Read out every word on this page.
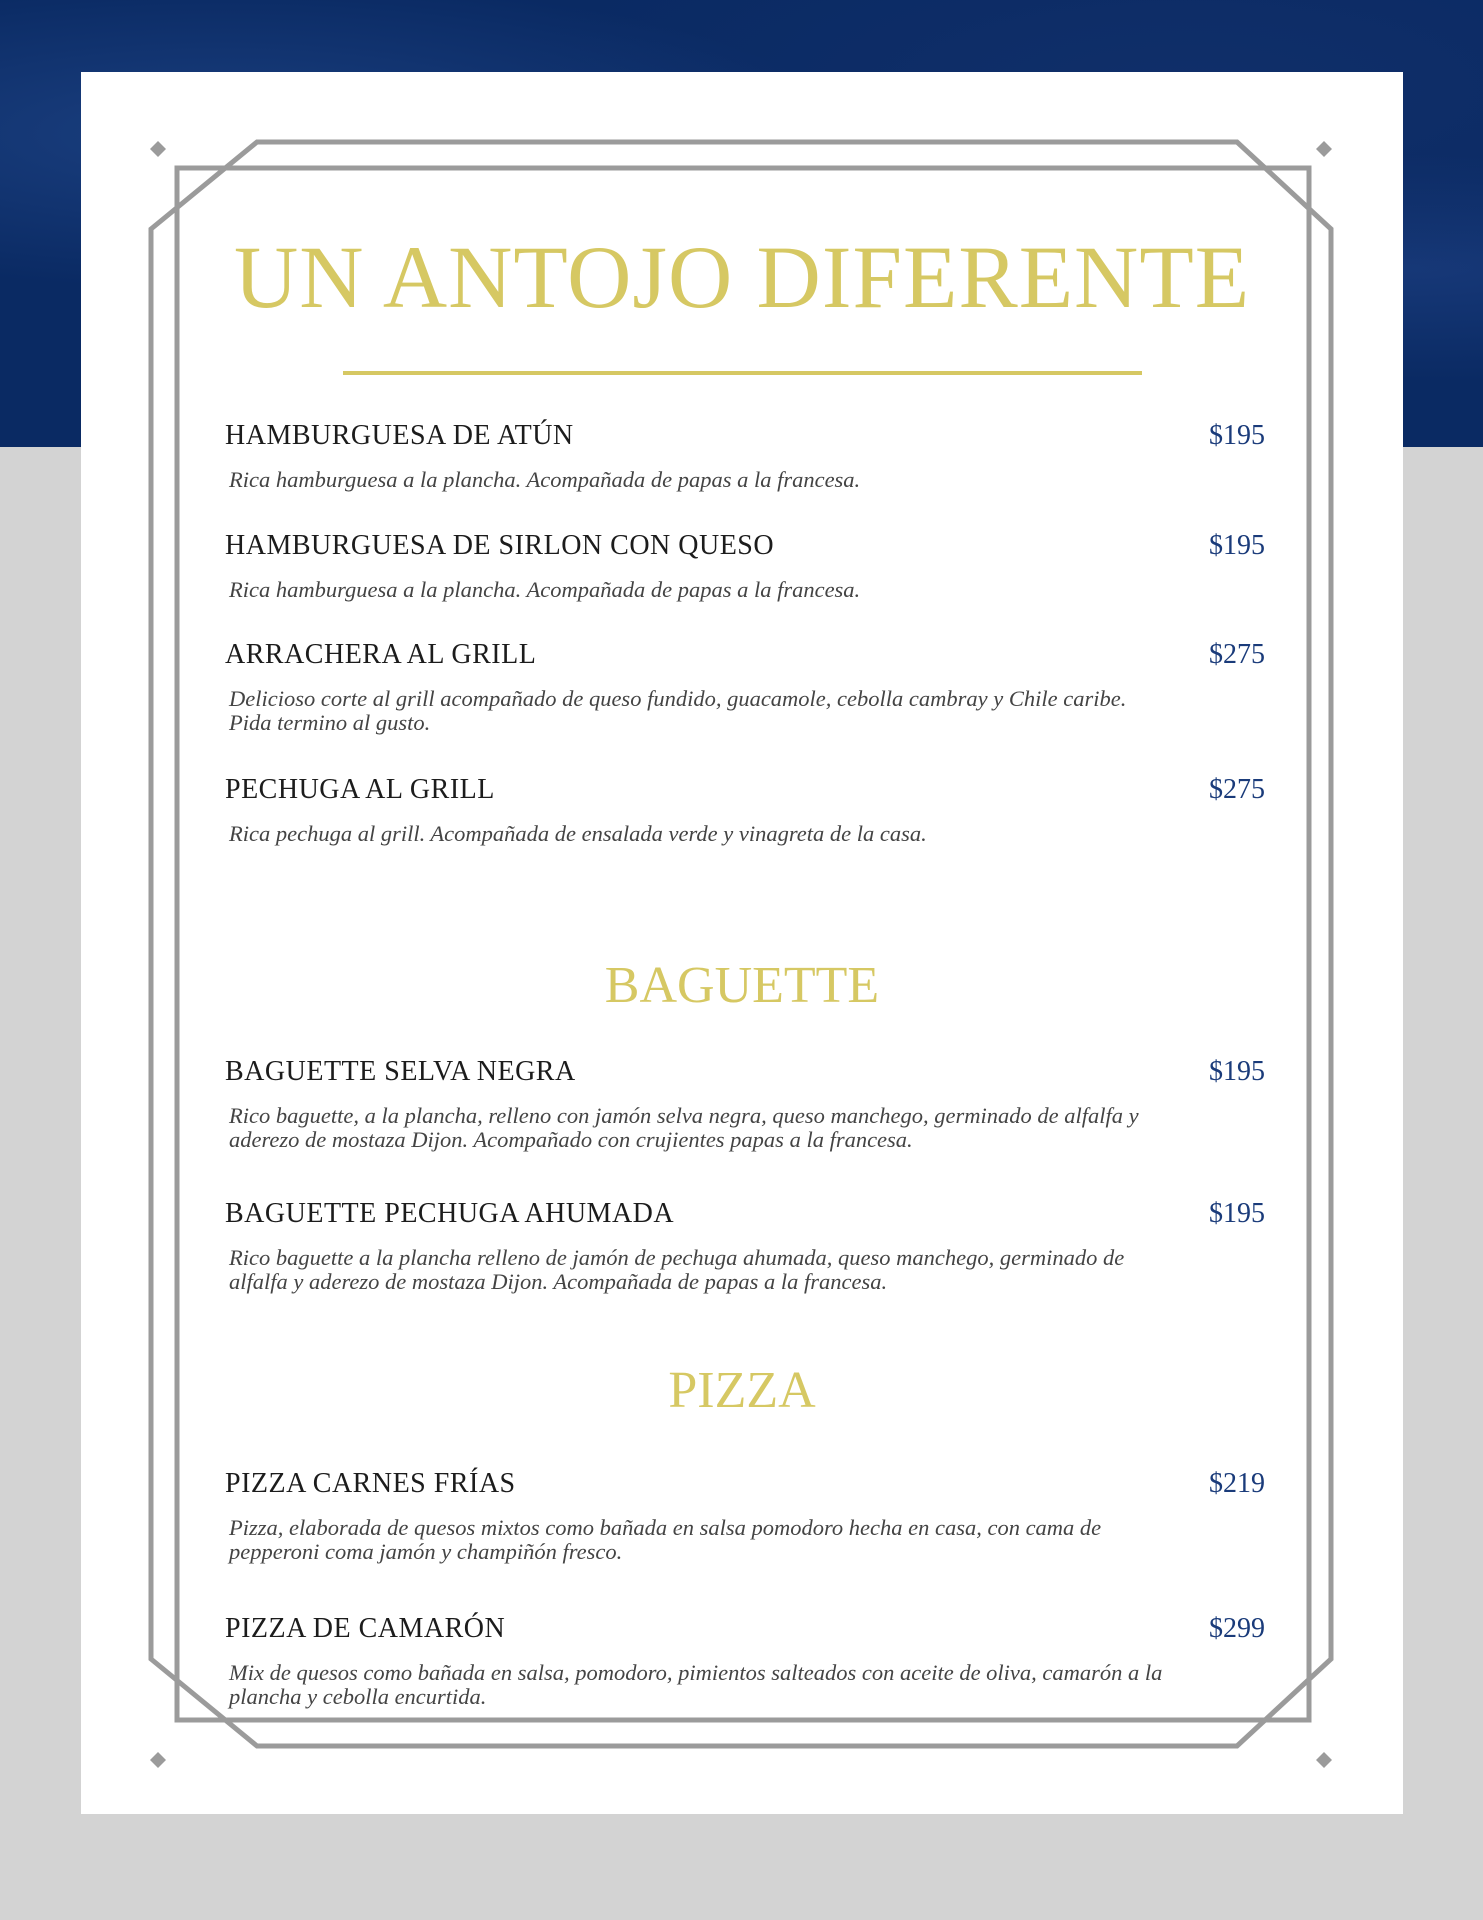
UN ANTOJO DIFERENTE
HAMBURGUESA DE ATÚN	$195
Rica hamburguesa a la plancha. Acompañada de papas a la francesa.
HAMBURGUESA DE SIRLON CON QUESO	$195
Rica hamburguesa a la plancha. Acompañada de papas a la francesa.
ARRACHERA AL GRILL	$275
Delicioso corte al grill acompañado de queso fundido, guacamole, cebolla cambray y Chile caribe. Pida termino al gusto.
PECHUGA AL GRILL	$275
Rica pechuga al grill. Acompañada de ensalada verde y vinagreta de la casa.
BAGUETTE
BAGUETTE SELVA NEGRA	$195
Rico baguette, a la plancha, relleno con jamón selva negra, queso manchego, germinado de alfalfa y aderezo de mostaza Dijon. Acompañado con crujientes papas a la francesa.
BAGUETTE PECHUGA AHUMADA	$195
Rico baguette a la plancha relleno de jamón de pechuga ahumada, queso manchego, germinado de alfalfa y aderezo de mostaza Dijon. Acompañada de papas a la francesa.
PIZZA
PIZZA CARNES FRÍAS	$219
Pizza, elaborada de quesos mixtos como bañada en salsa pomodoro hecha en casa, con cama de pepperoni coma jamón y champiñón fresco.
PIZZA DE CAMARÓN	$299
Mix de quesos como bañada en salsa, pomodoro, pimientos salteados con aceite de oliva, camarón a la plancha y cebolla encurtida.
